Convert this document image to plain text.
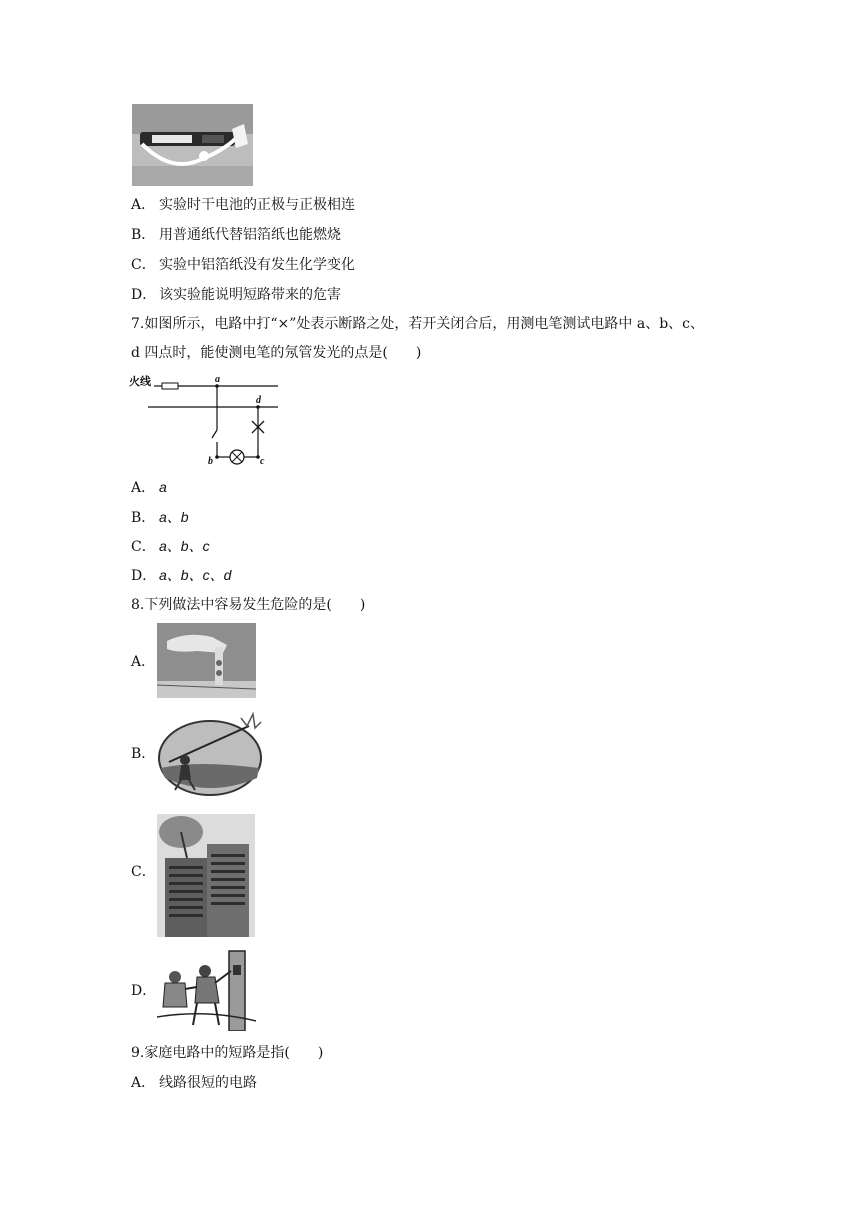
A． 实验时干电池的正极与正极相连
B． 用普通纸代替铝箔纸也能燃烧
C． 实验中铝箔纸没有发生化学变化
D． 该实验能说明短路带来的危害
7.如图所示，电路中打“×”处表示断路之处，若开关闭合后，用测电笔测试电路中 a、b、c、
d 四点时，能使测电笔的氖管发光的点是(　　)
火线	a
b	c
d
A． a
B． a、b
C． a、b、c
D． a、b、c、d
8.下列做法中容易发生危险的是(　　)
A．
B．
C．
D．
9.家庭电路中的短路是指(　　)
A． 线路很短的电路
